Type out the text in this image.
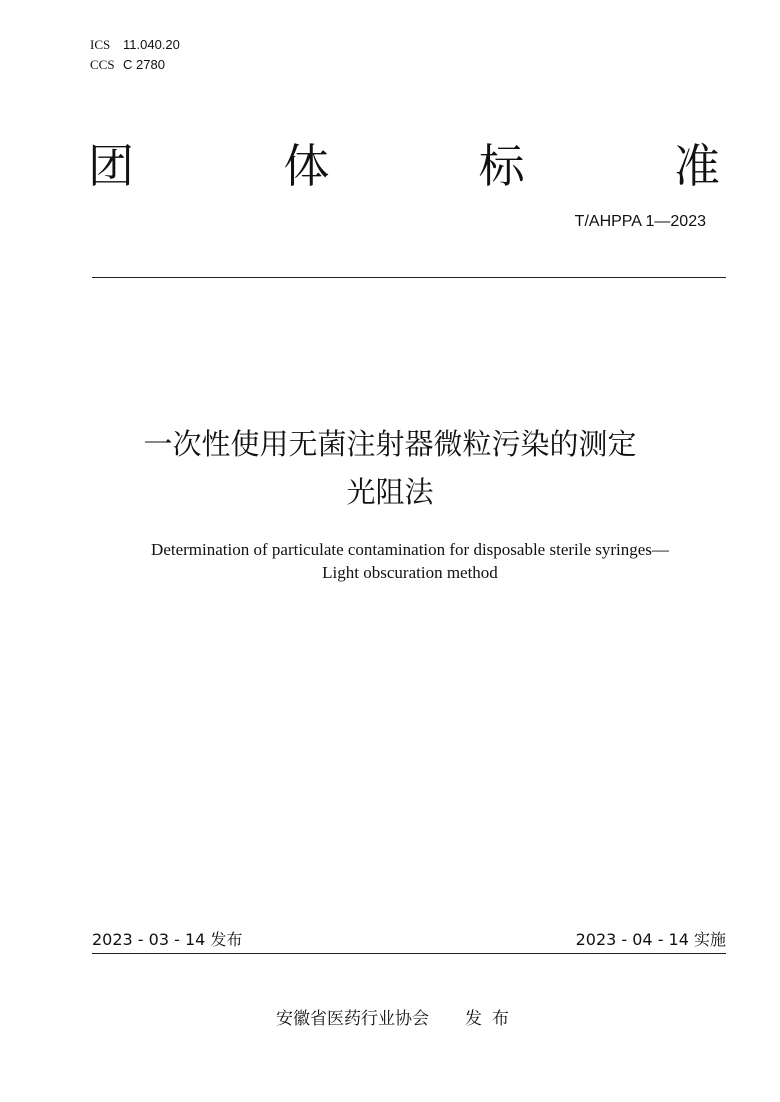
ICS 11.040.20
CCS C 2780
团	体	标	准
T/AHPPA 1—2023
一次性使用无菌注射器微粒污染的测定
光阻法
Determination of particulate contamination for disposable sterile syringes—
Light obscuration method
2023 - 03 - 14 发布	2023 - 04 - 14 实施
安徽省医药行业协会 发布
